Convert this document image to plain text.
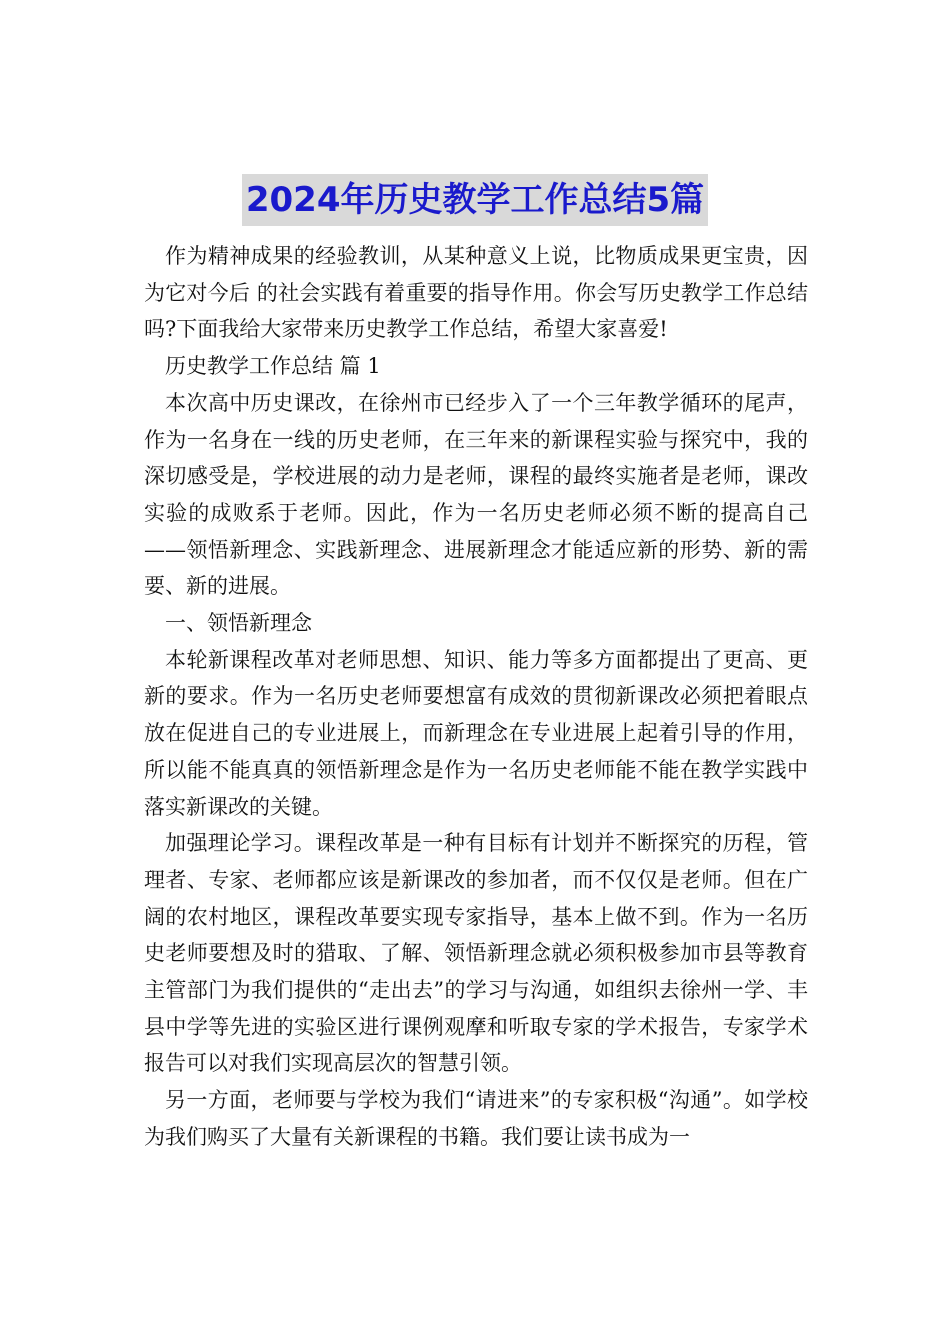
2024年历史教学工作总结5篇

作为精神成果的经验教训，从某种意义上说，比物质成果更宝贵，因为它对今后 的社会实践有着重要的指导作用。你会写历史教学工作总结吗?下面我给大家带来历史教学工作总结，希望大家喜爱!

历史教学工作总结 篇 1

本次高中历史课改，在徐州市已经步入了一个三年教学循环的尾声， 作为一名身在一线的历史老师，在三年来的新课程实验与探究中，我的深切感受是，学校进展的动力是老师，课程的最终实施者是老师，课改实验的成败系于老师。因此，作为一名历史老师必须不断的提高自己——领悟新理念、实践新理念、进展新理念才能适应新的形势、新的需要、新的进展。

一、领悟新理念

本轮新课程改革对老师思想、知识、能力等多方面都提出了更高、更新的要求。作为一名历史老师要想富有成效的贯彻新课改必须把着眼点放在促进自己的专业进展上，而新理念在专业进展上起着引导的作用，所以能不能真真的领悟新理念是作为一名历史老师能不能在教学实践中落实新课改的关键。

加强理论学习。课程改革是一种有目标有计划并不断探究的历程，管理者、专家、老师都应该是新课改的参加者，而不仅仅是老师。但在广阔的农村地区，课程改革要实现专家指导，基本上做不到。作为一名历史老师要想及时的猎取、了解、领悟新理念就必须积极参加市县等教育主管部门为我们提供的“走出去”的学习与沟通，如组织去徐州一学、丰县中学等先进的实验区进行课例观摩和听取专家的学术报告，专家学术报告可以对我们实现高层次的智慧引领。

另一方面，老师要与学校为我们“请进来”的专家积极“沟通”。如学校为我们购买了大量有关新课程的书籍。我们要让读书成为一
